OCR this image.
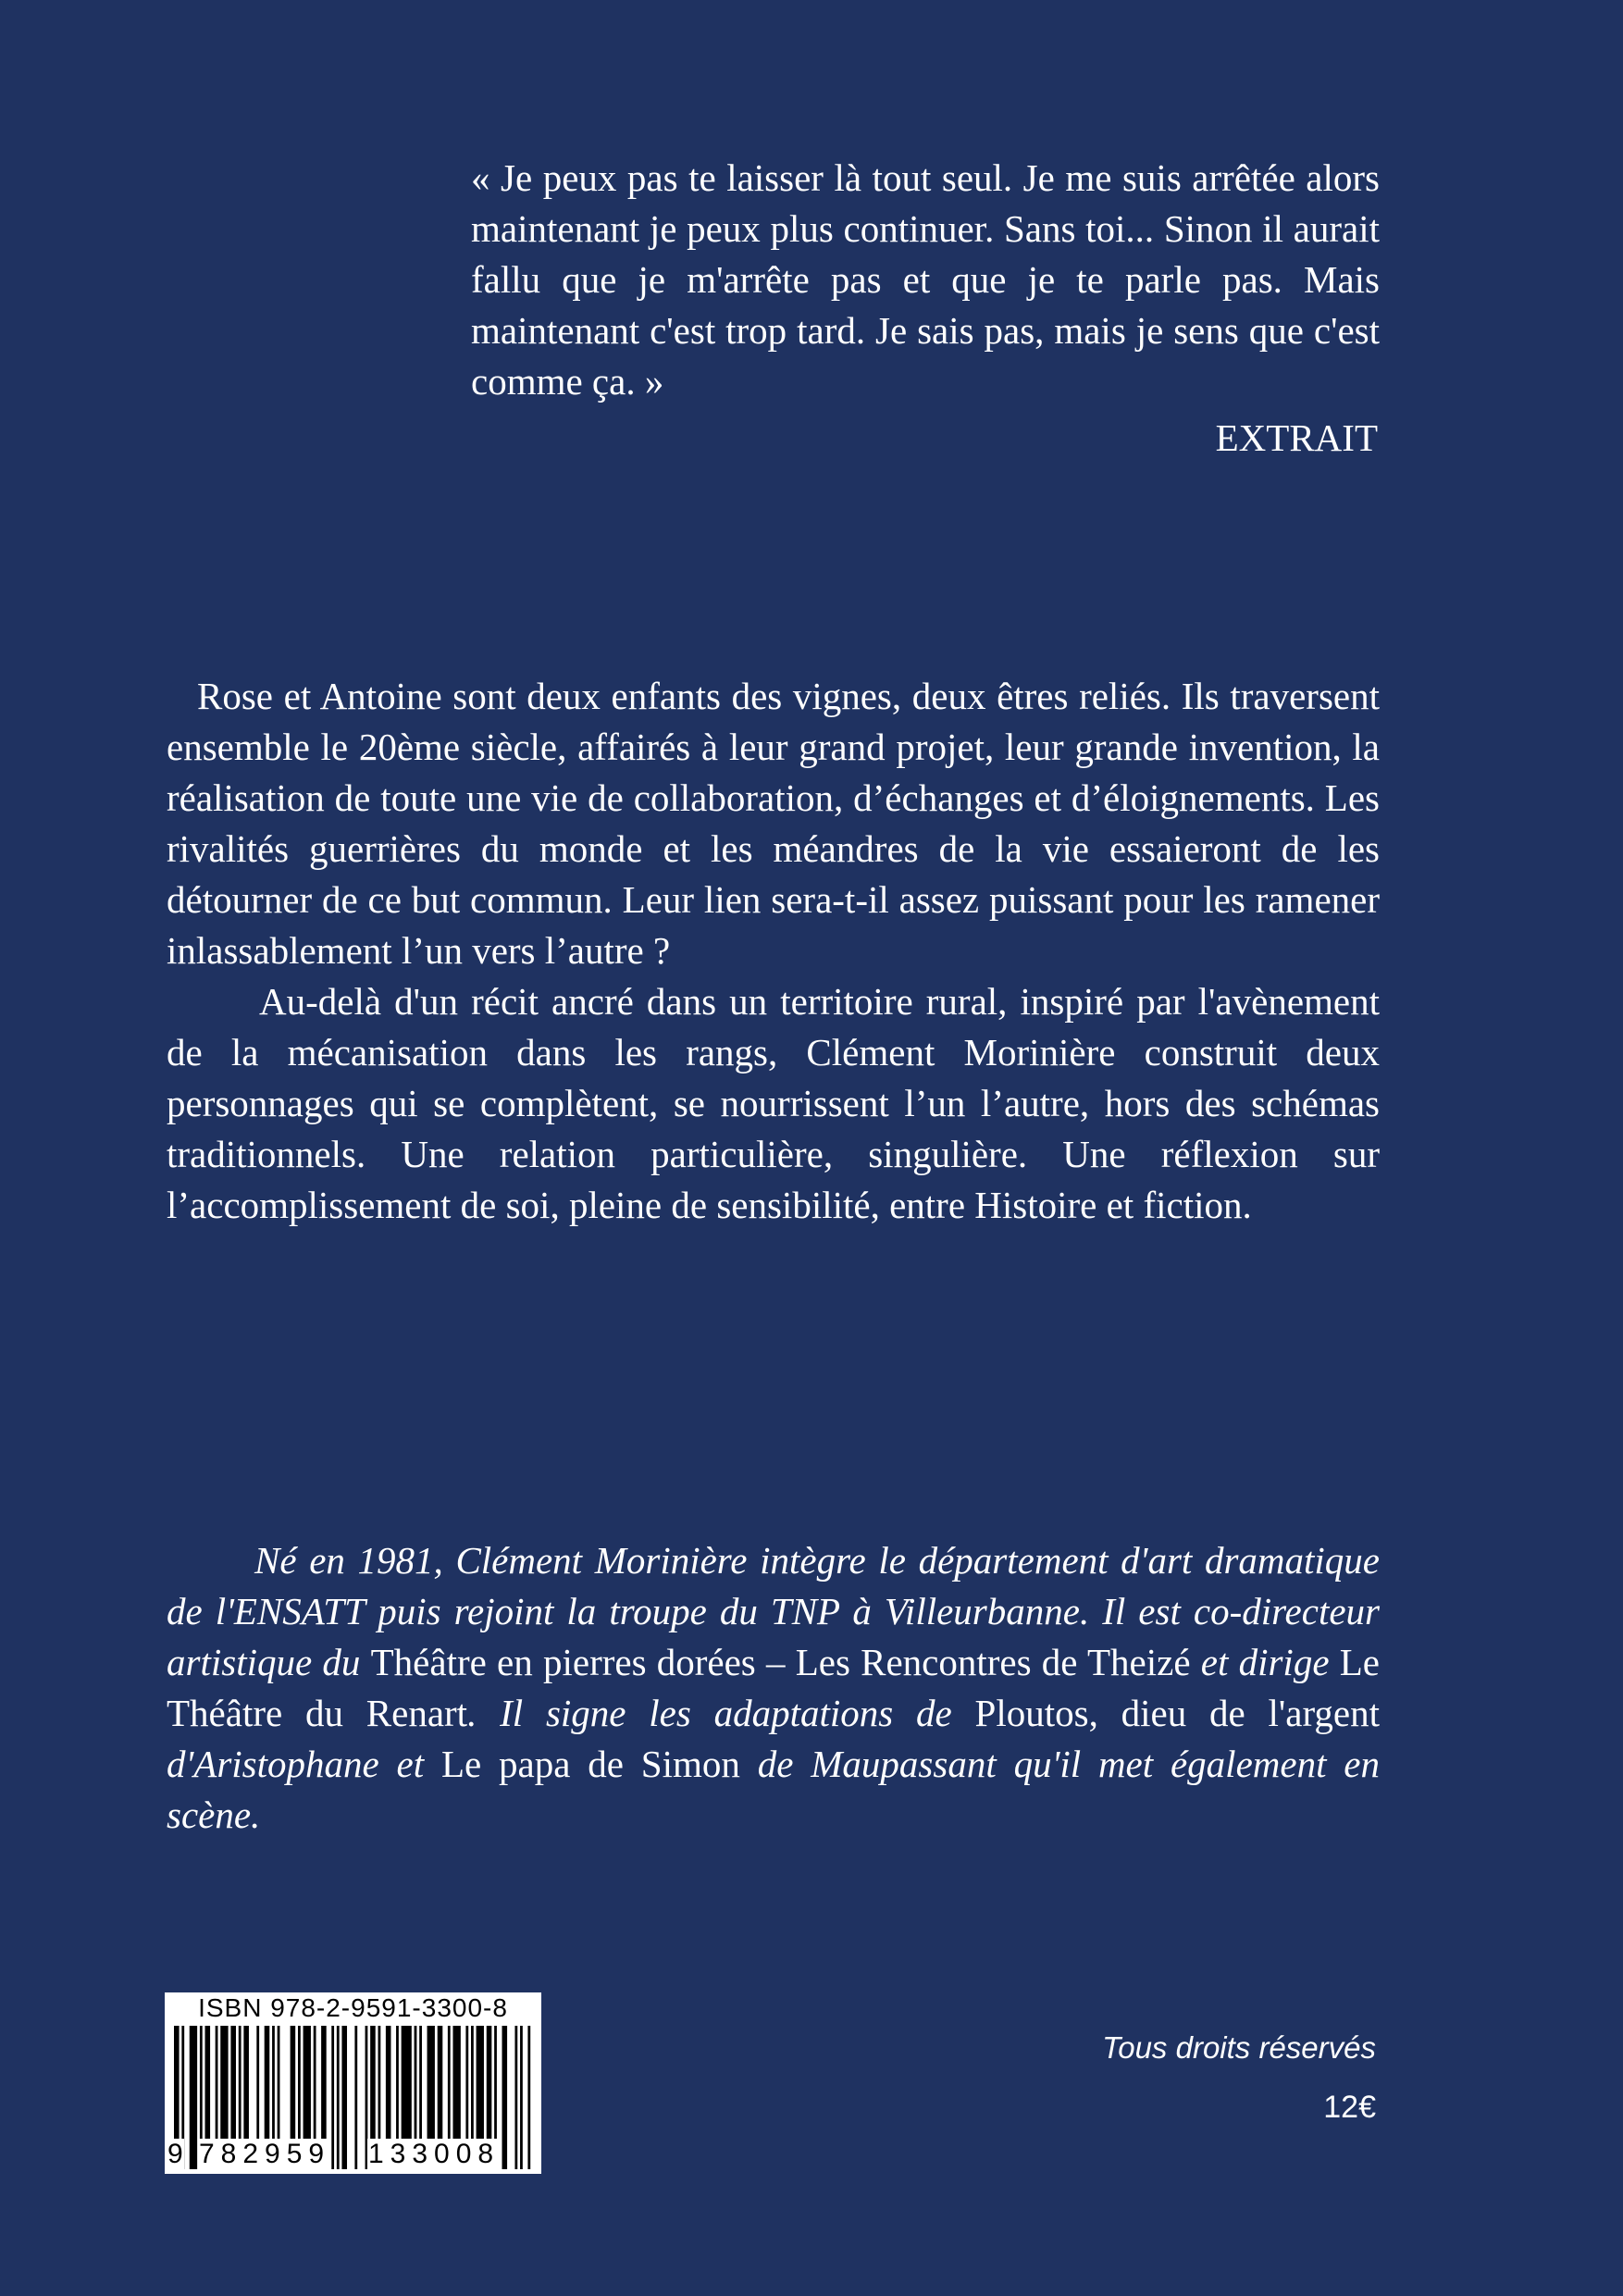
« Je peux pas te laisser là tout seul. Je me suis arrêtée alors maintenant je peux plus continuer. Sans toi... Sinon il aurait fallu que je m'arrête pas et que je te parle pas. Mais maintenant c'est trop tard. Je sais pas, mais je sens que c'est comme ça. »
EXTRAIT

Rose et Antoine sont deux enfants des vignes, deux êtres reliés. Ils traversent ensemble le 20ème siècle, affairés à leur grand projet, leur grande invention, la réalisation de toute une vie de collaboration, d’échanges et d’éloignements. Les rivalités guerrières du monde et les méandres de la vie essaieront de les détourner de ce but commun. Leur lien sera-t-il assez puissant pour les ramener inlassablement l’un vers l’autre ?

Au-delà d'un récit ancré dans un territoire rural, inspiré par l'avènement de la mécanisation dans les rangs, Clément Morinière construit deux personnages qui se complètent, se nourrissent l’un l’autre, hors des schémas traditionnels. Une relation particulière, singulière. Une réflexion sur l’accomplissement de soi, pleine de sensibilité, entre Histoire et fiction.

Né en 1981, Clément Morinière intègre le département d'art dramatique de l'ENSATT puis rejoint la troupe du TNP à Villeurbanne. Il est co-directeur artistique du Théâtre en pierres dorées – Les Rencontres de Theizé et dirige Le Théâtre du Renart. Il signe les adaptations de Ploutos, dieu de l'argent d'Aristophane et Le papa de Simon de Maupassant qu'il met également en scène.
ISBN 978-2-9591-3300-8
9 782959 133008
Tous droits réservés
12€
